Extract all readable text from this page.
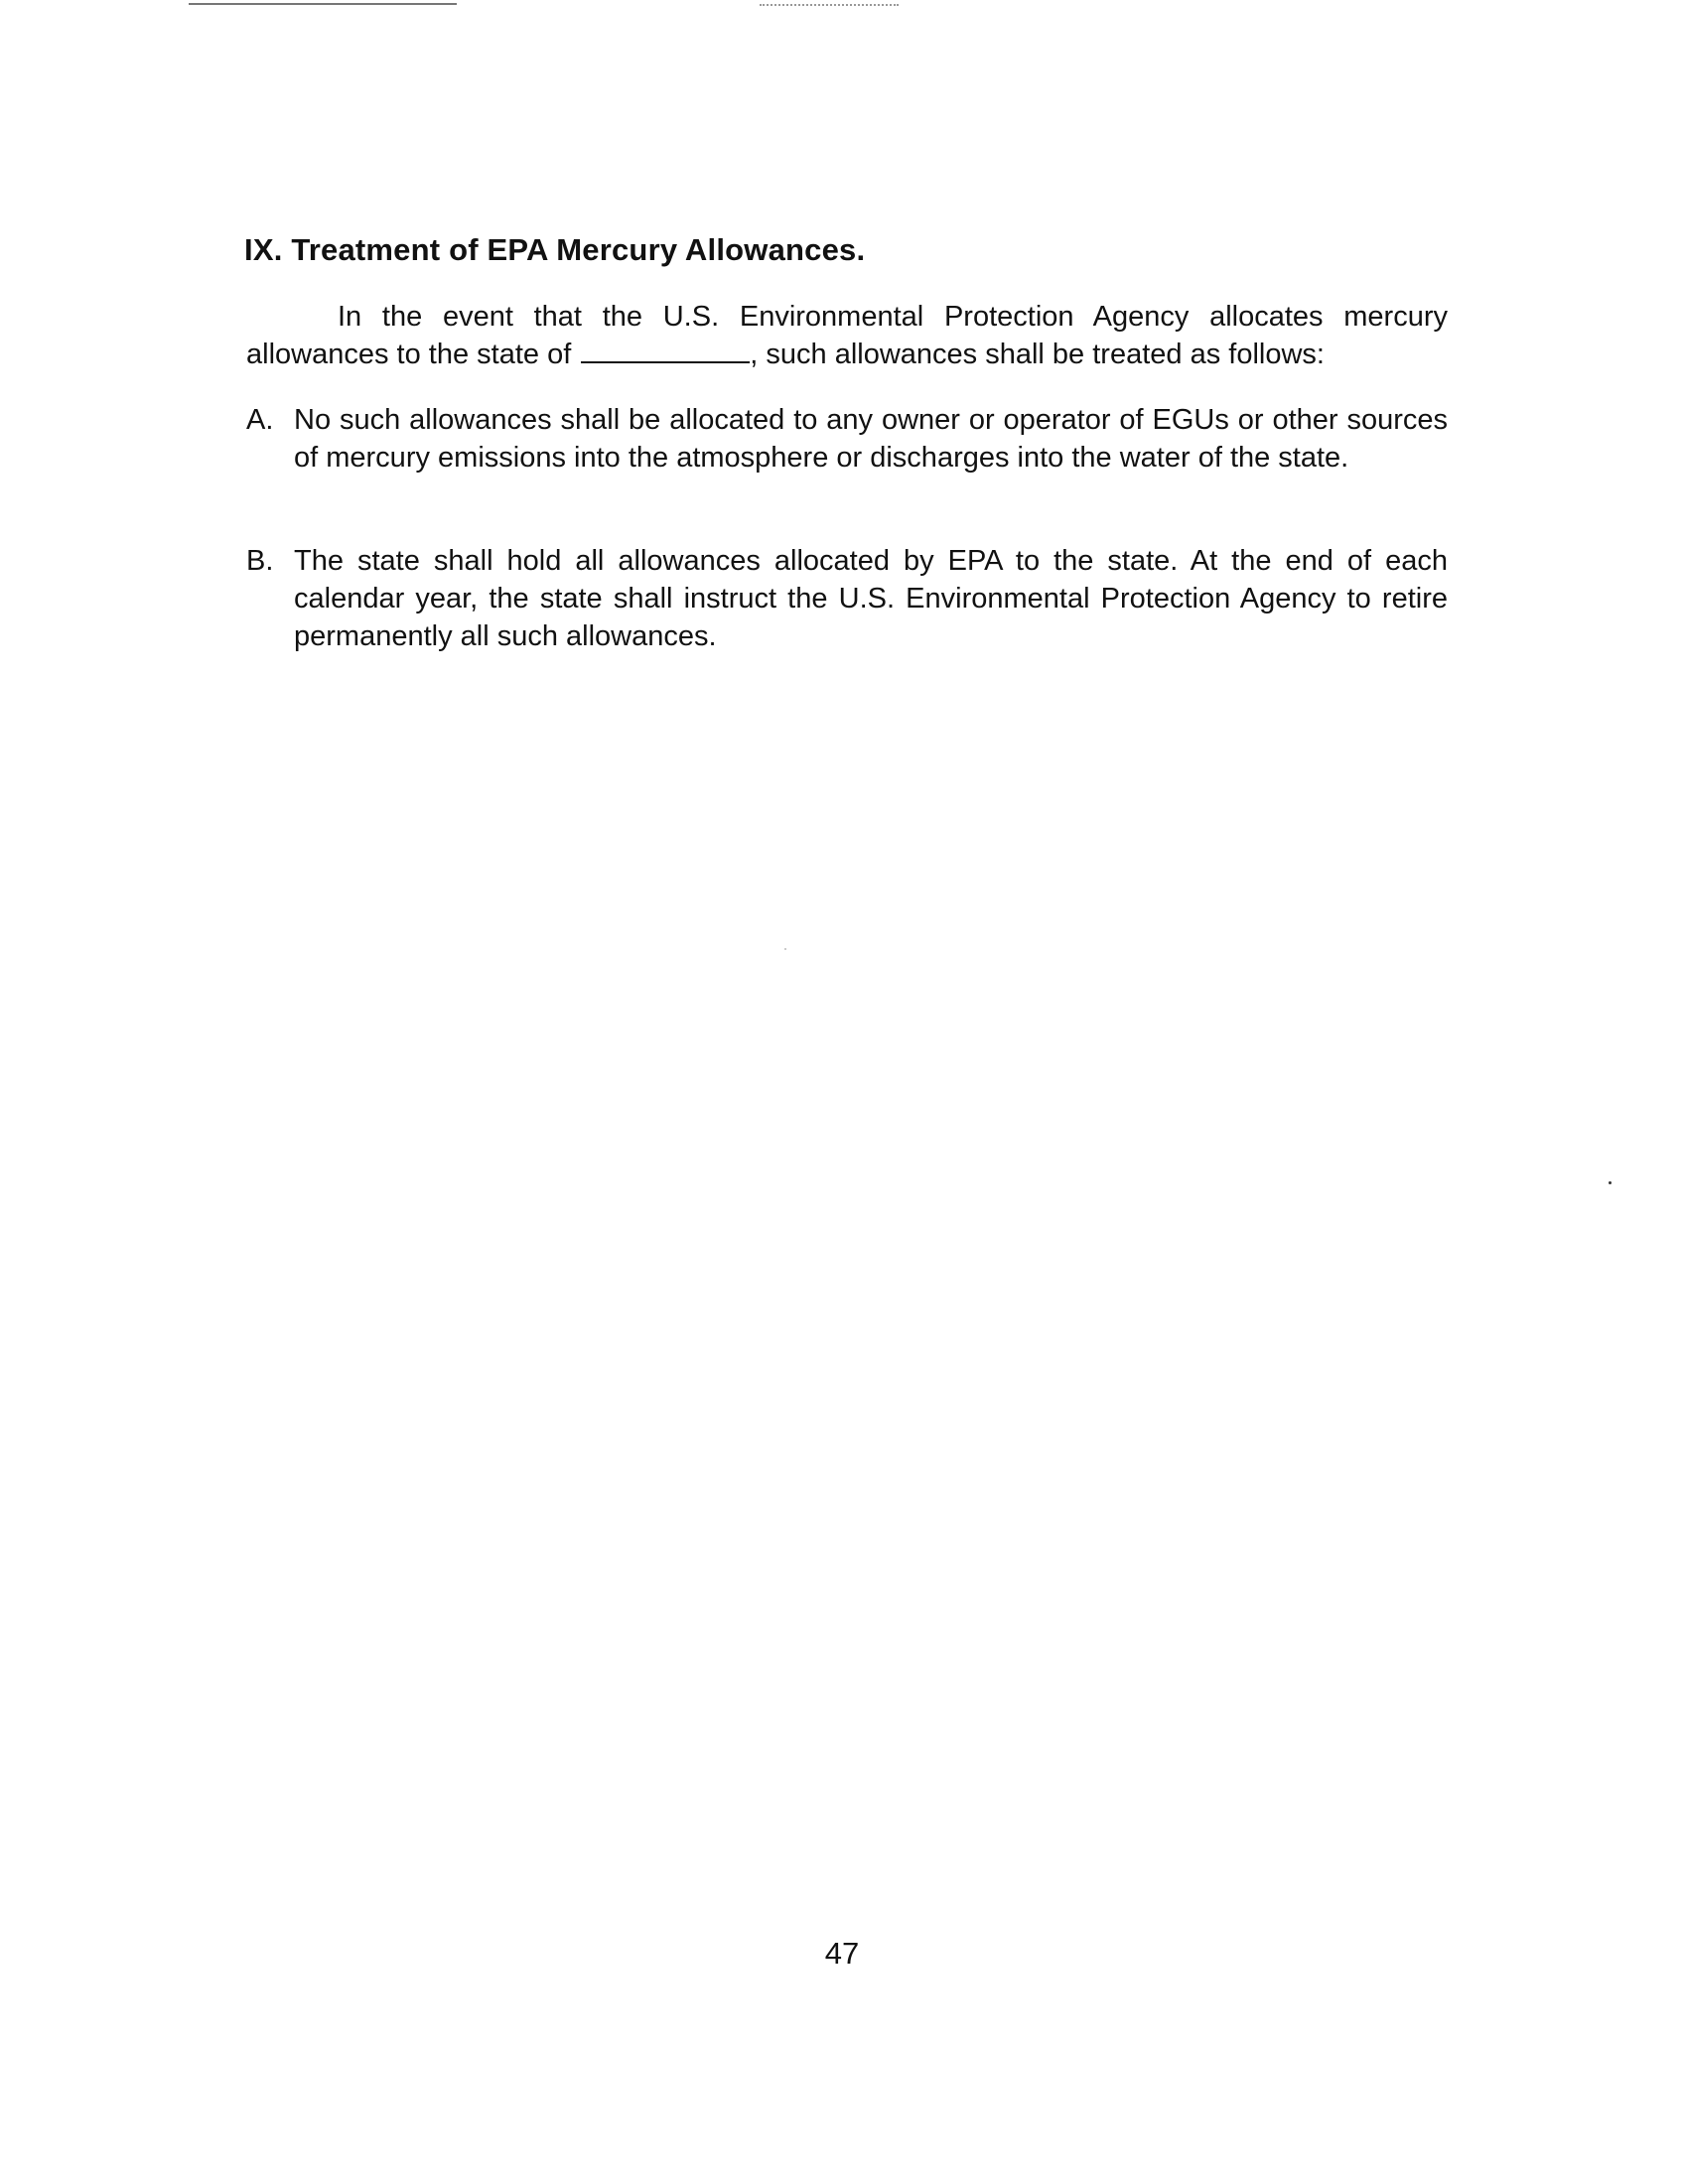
IX. Treatment of EPA Mercury Allowances.
In the event that the U.S. Environmental Protection Agency allocates mercury allowances to the state of	, such allowances shall be treated as follows:
A. No such allowances shall be allocated to any owner or operator of EGUs or other sources of mercury emissions into the atmosphere or discharges into the water of the state.
B. The state shall hold all allowances allocated by EPA to the state. At the end of each calendar year, the state shall instruct the U.S. Environmental Protection Agency to retire permanently all such allowances.
47
